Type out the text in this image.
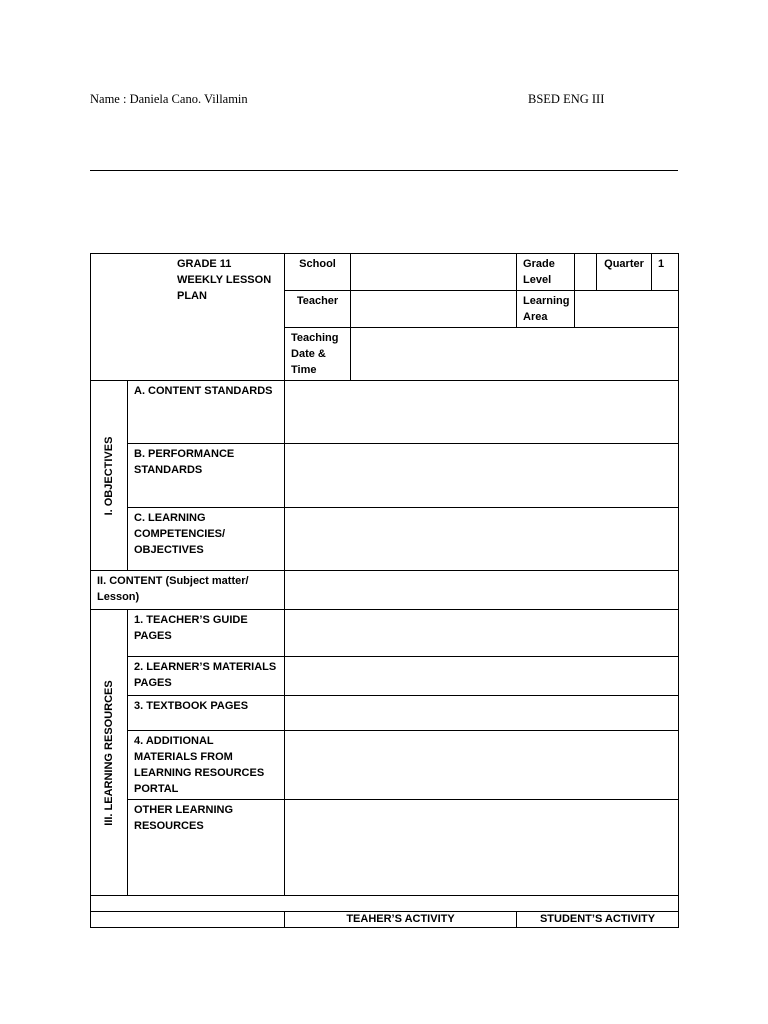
Name : Daniela Cano. Villamin	BSED ENG III
GRADE 11 WEEKLY LESSON PLAN		School		Grade Level		Quarter	1
		Teacher		Learning Area			
		Teaching Date & Time					

I. OBJECTIVES	A. CONTENT STANDARDS						
	B. PERFORMANCE STANDARDS						
	C. LEARNING COMPETENCIES/ OBJECTIVES						
II. CONTENT (Subject matter/ Lesson)							

III. LEARNING RESOURCES	1. TEACHER’S GUIDE PAGES						
	2. LEARNER’S MATERIALS PAGES						
	3. TEXTBOOK PAGES						
	4. ADDITIONAL MATERIALS FROM LEARNING RESOURCES PORTAL						
	OTHER LEARNING RESOURCES						

		TEAHER’S ACTIVITY		STUDENT’S ACTIVITY			
